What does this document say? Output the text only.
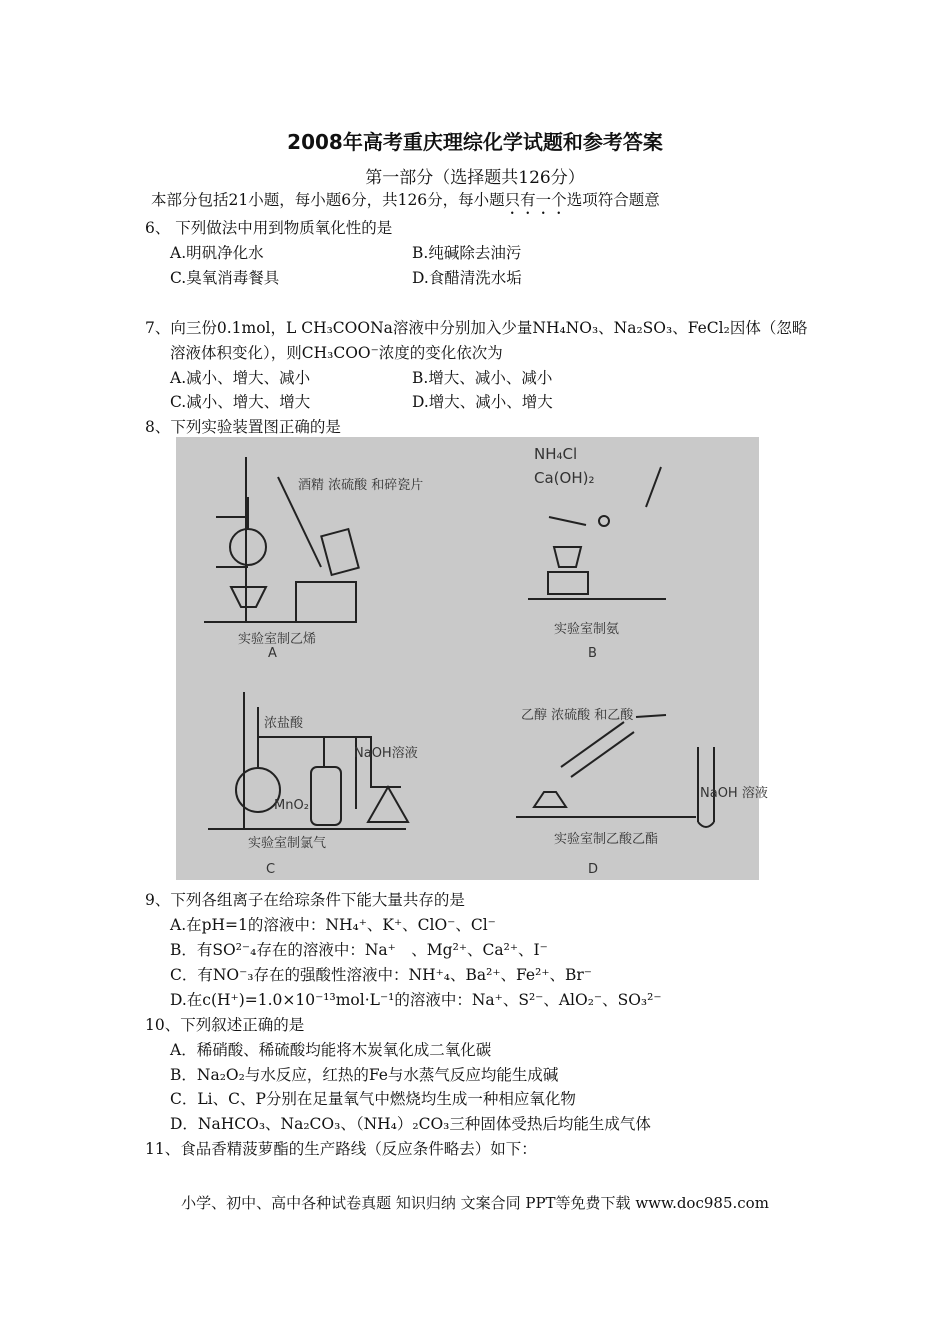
2008年高考重庆理综化学试题和参考答案
第一部分（选择题共126分）
本部分包括21小题，每小题6分，共126分，每小题只有一个选项符合题意
6、 下列做法中用到物质氧化性的是
A.明矾净化水	B.纯碱除去油污
C.臭氧消毒餐具	D.食醋清洗水垢
7、向三份0.1mol，L CH₃COONa溶液中分别加入少量NH₄NO₃、Na₂SO₃、FeCl₂因体（忽略
溶液体积变化），则CH₃COO⁻浓度的变化依次为
A.减小、增大、减小	B.增大、减小、减小
C.减小、增大、增大	D.增大、减小、增大
8、下列实验装置图正确的是
酒精 浓硫酸 和碎瓷片
实验室制乙烯
A
NH₄Cl
Ca(OH)₂
实验室制氨
B
浓盐酸
NaOH溶液
MnO₂
实验室制氯气
C
乙醇 浓硫酸 和乙酸
NaOH 溶液
实验室制乙酸乙酯
D
9、下列各组离子在给琮条件下能大量共存的是
A.在pH=1的溶液中：NH₄⁺、K⁺、ClO⁻、Cl⁻
B．有SO²⁻₄存在的溶液中：Na⁺　、Mg²⁺、Ca²⁺、I⁻
C．有NO⁻₃存在的强酸性溶液中：NH⁺₄、Ba²⁺、Fe²⁺、Br⁻
D.在c(H⁺)=1.0×10⁻¹³mol·L⁻¹的溶液中：Na⁺、S²⁻、AlO₂⁻、SO₃²⁻
10、下列叙述正确的是
A．稀硝酸、稀硫酸均能将木炭氧化成二氧化碳
B．Na₂O₂与水反应，红热的Fe与水蒸气反应均能生成碱
C．Li、C、P分别在足量氧气中燃烧均生成一种相应氧化物
D．NaHCO₃、Na₂CO₃、（NH₄）₂CO₃三种固体受热后均能生成气体
11、食品香精菠萝酯的生产路线（反应条件略去）如下：
小学、初中、高中各种试卷真题 知识归纳 文案合同 PPT等免费下载 www.doc985.com
